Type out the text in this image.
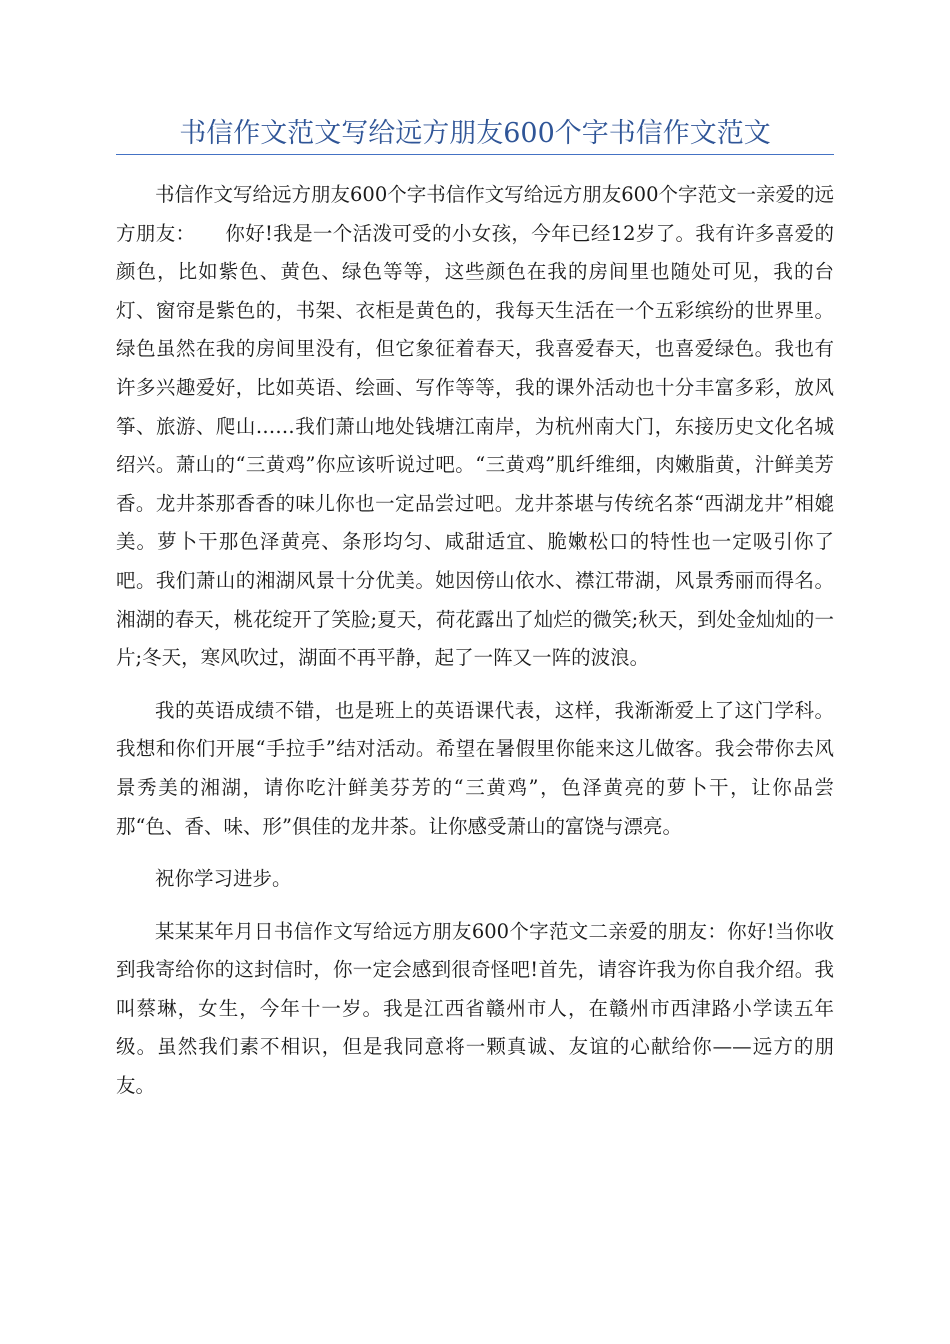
书信作文范文写给远方朋友600个字书信作文范文

书信作文写给远方朋友600个字书信作文写给远方朋友600个字范文一亲爱的远方朋友：　　你好!我是一个活泼可受的小女孩，今年已经12岁了。我有许多喜爱的颜色，比如紫色、黄色、绿色等等，这些颜色在我的房间里也随处可见，我的台灯、窗帘是紫色的，书架、衣柜是黄色的，我每天生活在一个五彩缤纷的世界里。绿色虽然在我的房间里没有，但它象征着春天，我喜爱春天，也喜爱绿色。我也有许多兴趣爱好，比如英语、绘画、写作等等，我的课外活动也十分丰富多彩，放风筝、旅游、爬山……我们萧山地处钱塘江南岸，为杭州南大门，东接历史文化名城绍兴。萧山的“三黄鸡”你应该听说过吧。“三黄鸡”肌纤维细，肉嫩脂黄，汁鲜美芳香。龙井茶那香香的味儿你也一定品尝过吧。龙井茶堪与传统名茶“西湖龙井”相媲美。萝卜干那色泽黄亮、条形均匀、咸甜适宜、脆嫩松口的特性也一定吸引你了吧。我们萧山的湘湖风景十分优美。她因傍山依水、襟江带湖，风景秀丽而得名。湘湖的春天，桃花绽开了笑脸;夏天，荷花露出了灿烂的微笑;秋天，到处金灿灿的一片;冬天，寒风吹过，湖面不再平静，起了一阵又一阵的波浪。

我的英语成绩不错，也是班上的英语课代表，这样，我渐渐爱上了这门学科。我想和你们开展“手拉手”结对活动。希望在暑假里你能来这儿做客。我会带你去风景秀美的湘湖，请你吃汁鲜美芬芳的“三黄鸡”，色泽黄亮的萝卜干，让你品尝那“色、香、味、形”俱佳的龙井茶。让你感受萧山的富饶与漂亮。

祝你学习进步。

某某某年月日书信作文写给远方朋友600个字范文二亲爱的朋友：你好!当你收到我寄给你的这封信时，你一定会感到很奇怪吧!首先，请容许我为你自我介绍。我叫蔡琳，女生，今年十一岁。我是江西省赣州市人，在赣州市西津路小学读五年级。虽然我们素不相识，但是我同意将一颗真诚、友谊的心献给你——远方的朋友。
